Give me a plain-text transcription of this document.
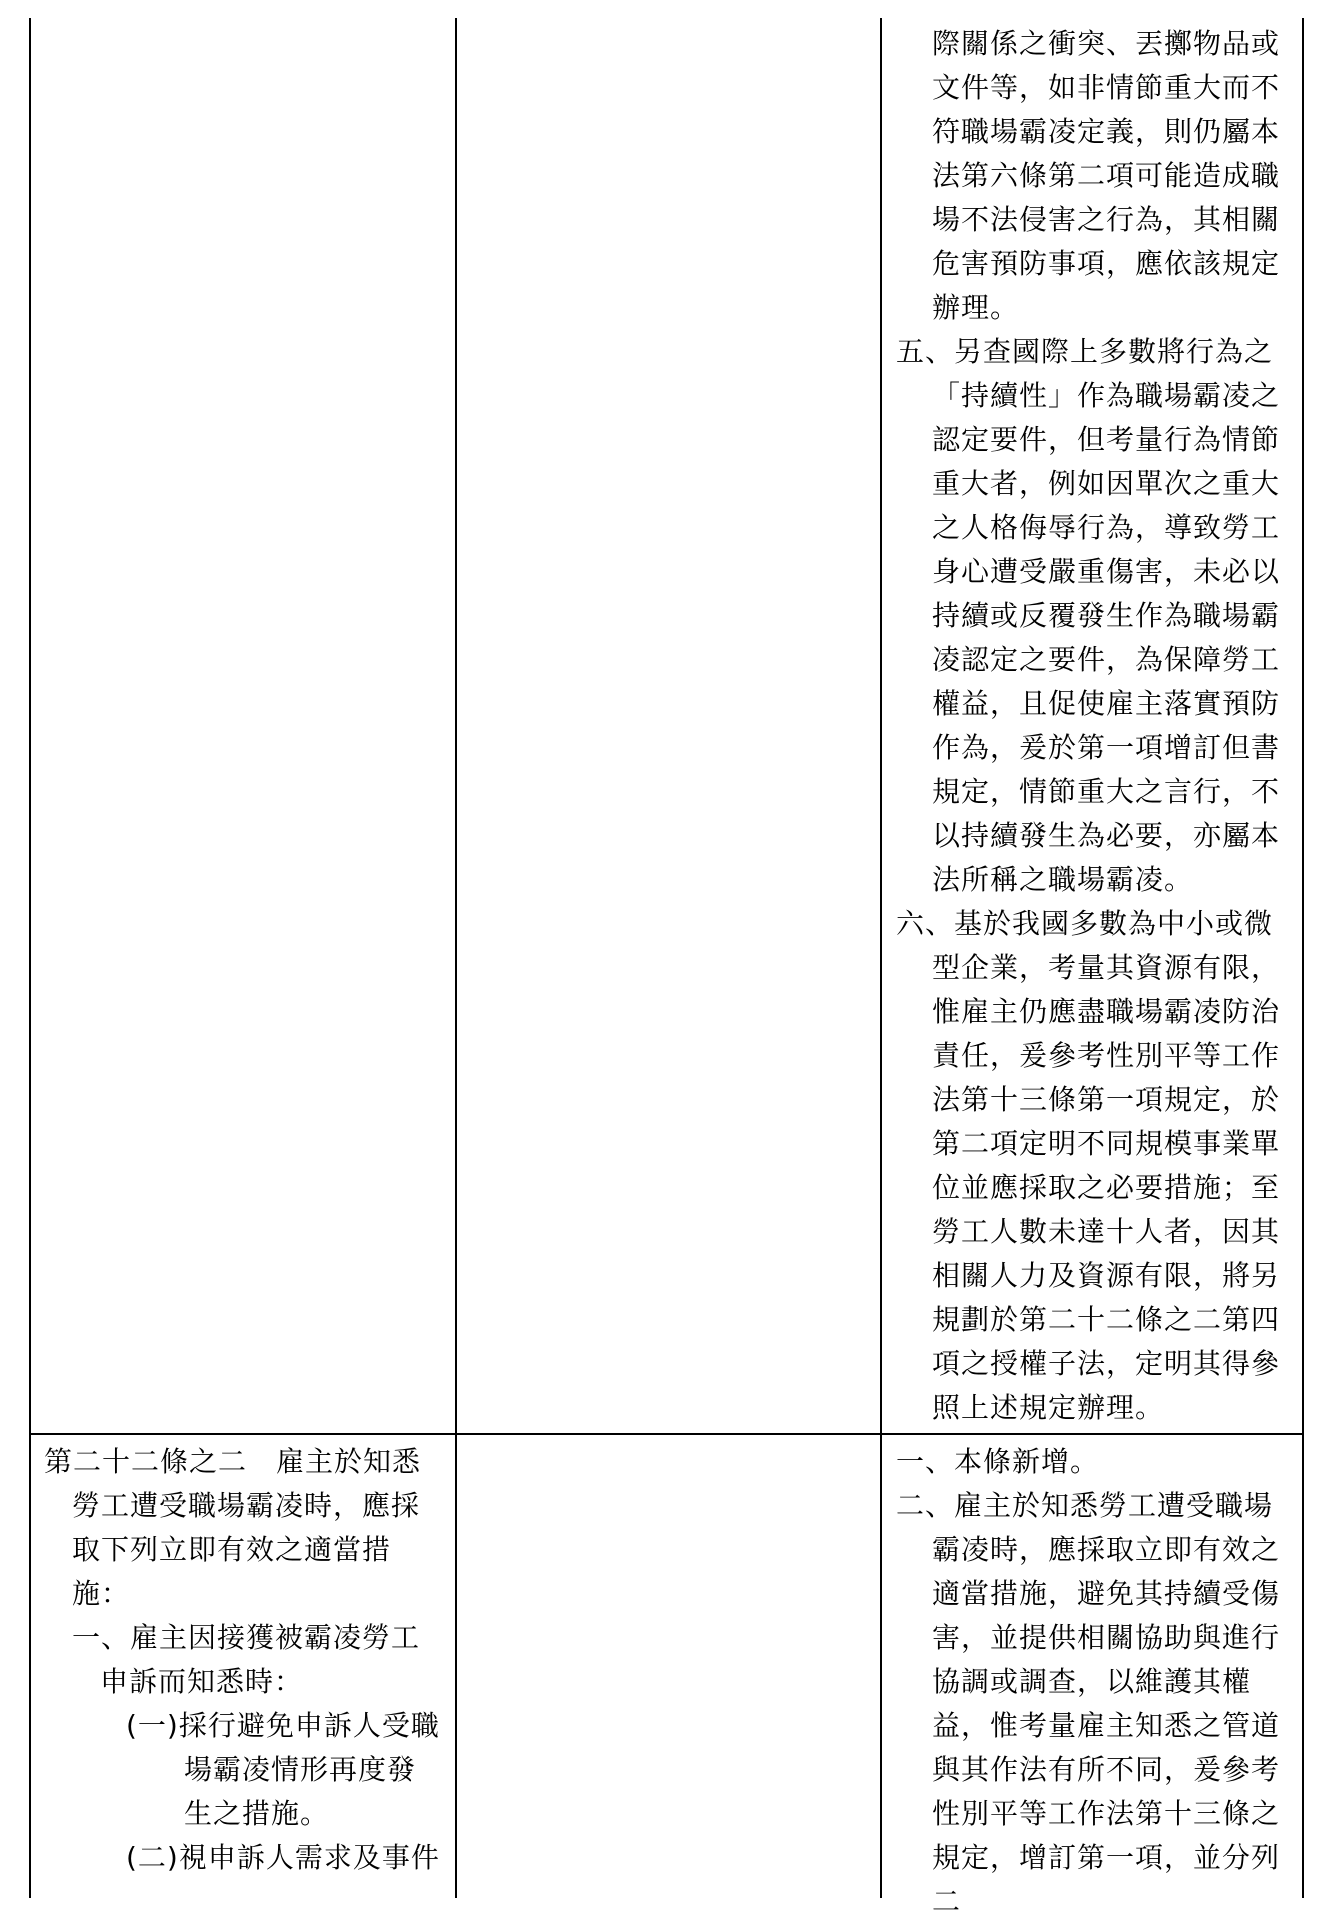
際關係之衝突、丟擲物品或文件等，如非情節重大而不符職場霸凌定義，則仍屬本法第六條第二項可能造成職場不法侵害之行為，其相關危害預防事項，應依該規定辦理。

五、另查國際上多數將行為之「持續性」作為職場霸凌之認定要件，但考量行為情節重大者，例如因單次之重大之人格侮辱行為，導致勞工身心遭受嚴重傷害，未必以持續或反覆發生作為職場霸凌認定之要件，為保障勞工權益，且促使雇主落實預防作為，爰於第一項增訂但書規定，情節重大之言行，不以持續發生為必要，亦屬本法所稱之職場霸凌。

六、基於我國多數為中小或微型企業，考量其資源有限，惟雇主仍應盡職場霸凌防治責任，爰參考性別平等工作法第十三條第一項規定，於第二項定明不同規模事業單位並應採取之必要措施；至勞工人數未達十人者，因其相關人力及資源有限，將另規劃於第二十二條之二第四項之授權子法，定明其得參照上述規定辦理。

第二十二條之二　雇主於知悉勞工遭受職場霸凌時，應採取下列立即有效之適當措施：

一、雇主因接獲被霸凌勞工申訴而知悉時：

(一)採行避免申訴人受職場霸凌情形再度發生之措施。

(二)視申訴人需求及事件

一、本條新增。

二、雇主於知悉勞工遭受職場霸凌時，應採取立即有效之適當措施，避免其持續受傷害，並提供相關協助與進行協調或調查，以維護其權益，惟考量雇主知悉之管道與其作法有所不同，爰參考性別平等工作法第十三條之規定，增訂第一項，並分列二
